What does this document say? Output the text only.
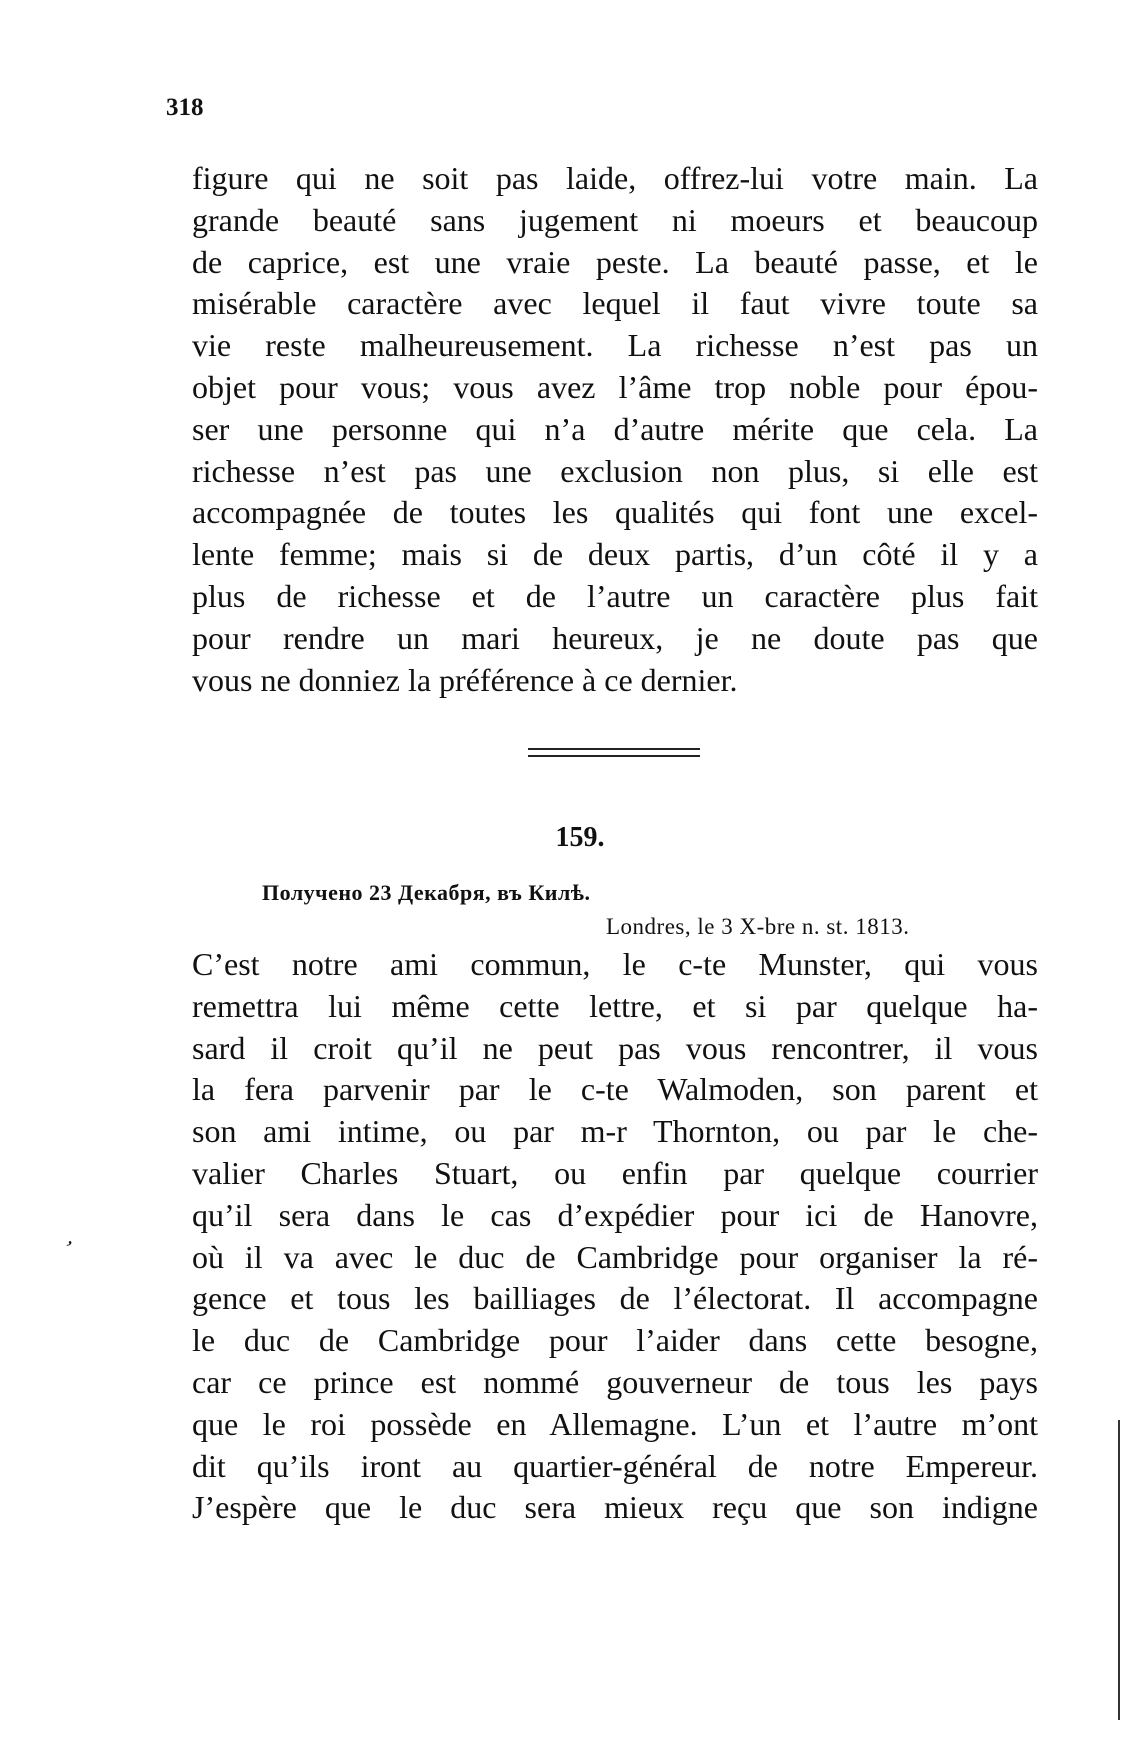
318
figure qui ne soit pas laide, offrez-lui votre main. La
grande beauté sans jugement ni moeurs et beaucoup
de caprice, est une vraie peste. La beauté passe, et le
misérable caractère avec lequel il faut vivre toute sa
vie reste malheureusement. La richesse n’est pas un
objet pour vous; vous avez l’âme trop noble pour épou-
ser une personne qui n’a d’autre mérite que cela. La
richesse n’est pas une exclusion non plus, si elle est
accompagnée de toutes les qualités qui font une excel-
lente femme; mais si de deux partis, d’un côté il y a
plus de richesse et de l’autre un caractère plus fait
pour rendre un mari heureux, je ne doute pas que
vous ne donniez la préférence à ce dernier.
159.
Получено 23 Декабря, въ Килѣ.
Londres, le 3 X-bre n. st. 1813.
C’est notre ami commun, le c-te Munster, qui vous
remettra lui même cette lettre, et si par quelque ha-
sard il croit qu’il ne peut pas vous rencontrer, il vous
la fera parvenir par le c-te Walmoden, son parent et
son ami intime, ou par m-r Thornton, ou par le che-
valier Charles Stuart, ou enfin par quelque courrier
qu’il sera dans le cas d’expédier pour ici de Hanovre,
où il va avec le duc de Cambridge pour organiser la ré-
gence et tous les bailliages de l’électorat. Il accompagne
le duc de Cambridge pour l’aider dans cette besogne,
car ce prince est nommé gouverneur de tous les pays
que le roi possède en Allemagne. L’un et l’autre m’ont
dit qu’ils iront au quartier-général de notre Empereur.
J’espère que le duc sera mieux reçu que son indigne
,
